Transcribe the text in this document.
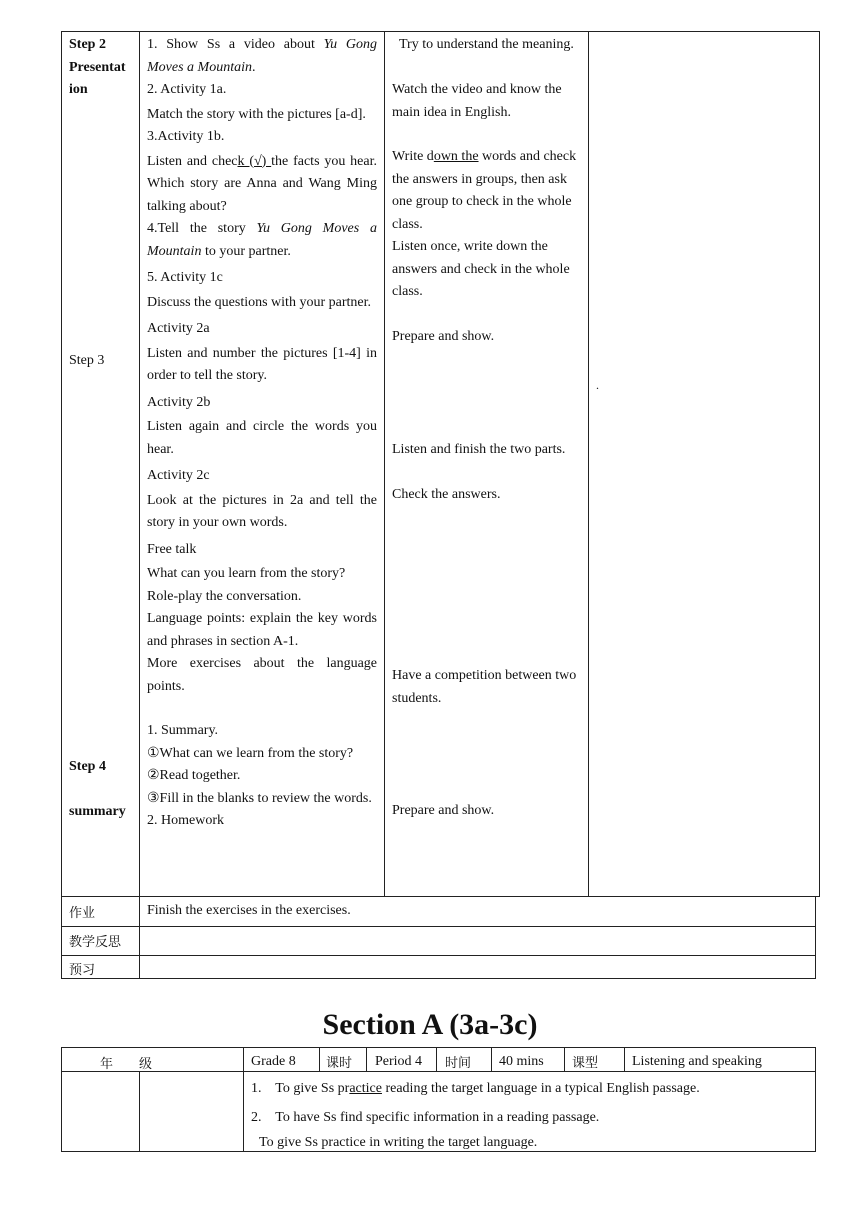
Step 2
Presentat
ion
Step 3
Step 4
summary

1. Show Ss a video about Yu Gong

Moves a Mountain.

2. Activity 1a.

Match the story with the pictures [a-d].

3.Activity 1b.

Listen and check (√) the facts you hear. Which story are Anna and Wang Ming talking about?

4.Tell the story Yu Gong Moves a Mountain to your partner.

5. Activity 1c

Discuss the questions with your partner.

Activity 2a

Listen and number the pictures [1-4] in order to tell the story.

Activity 2b

Listen again and circle the words you hear.

Activity 2c

Look at the pictures in 2a and tell the story in your own words.

Free talk

What can you learn from the story?

Role-play the conversation.

Language points: explain the key words and phrases in section A-1.

More exercises about the language points.

1. Summary.

①What can we learn from the story?

②Read together.

③Fill in the blanks to review the words.

2. Homework

Try to understand the meaning.
Watch the video and know the main idea in English.
Write down the words and check the answers in groups, then ask one group to check in the whole class.
Listen once, write down the answers and check in the whole class.
Prepare and show.
Listen and finish the two parts.
Check the answers.
Have a competition between two students.
Prepare and show.
.
作业	Finish the exercises in the exercises.
教学反思
预习
Section A (3a-3c)
年　　级	Grade 8 课时 Period 4 时间 40 mins 课型 Listening and speaking
1.    To give Ss practice reading the target language in a typical English passage.
2.    To have Ss find specific information in a reading passage.
To give Ss practice in writing the target language.
